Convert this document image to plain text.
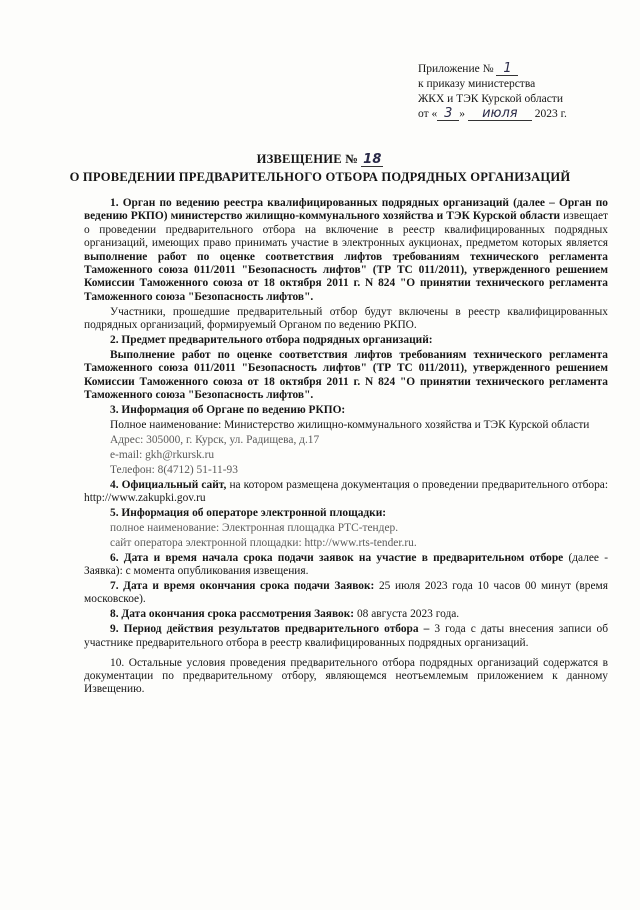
Приложение № 1
к приказу министерства
ЖКХ и ТЭК Курской области
от « 3 » июля 2023 г.
ИЗВЕЩЕНИЕ № 18
О ПРОВЕДЕНИИ ПРЕДВАРИТЕЛЬНОГО ОТБОРА ПОДРЯДНЫХ ОРГАНИЗАЦИЙ

1. Орган по ведению реестра квалифицированных подрядных организаций (далее – Орган по ведению РКПО) министерство жилищно-коммунального хозяйства и ТЭК Курской области извещает о проведении предварительного отбора на включение в реестр квалифицированных подрядных организаций, имеющих право принимать участие в электронных аукционах, предметом которых является выполнение работ по оценке соответствия лифтов требованиям технического регламента Таможенного союза 011/2011 "Безопасность лифтов" (ТР ТС 011/2011), утвержденного решением Комиссии Таможенного союза от 18 октября 2011 г. N 824 "О принятии технического регламента Таможенного союза "Безопасность лифтов".

Участники, прошедшие предварительный отбор будут включены в реестр квалифицированных подрядных организаций, формируемый Органом по ведению РКПО.

2. Предмет предварительного отбора подрядных организаций:

Выполнение работ по оценке соответствия лифтов требованиям технического регламента Таможенного союза 011/2011 "Безопасность лифтов" (ТР ТС 011/2011), утвержденного решением Комиссии Таможенного союза от 18 октября 2011 г. N 824 "О принятии технического регламента Таможенного союза "Безопасность лифтов".

3. Информация об Органе по ведению РКПО:

Полное наименование: Министерство жилищно-коммунального хозяйства и ТЭК Курской области

Адрес: 305000, г. Курск, ул. Радищева, д.17

e-mail: gkh@rkursk.ru

Телефон: 8(4712) 51-11-93

4. Официальный сайт, на котором размещена документация о проведении предварительного отбора: http://www.zakupki.gov.ru

5. Информация об операторе электронной площадки:

полное наименование: Электронная площадка РТС-тендер.

сайт оператора электронной площадки: http://www.rts-tender.ru.

6. Дата и время начала срока подачи заявок на участие в предварительном отборе (далее - Заявка): с момента опубликования извещения.

7. Дата и время окончания срока подачи Заявок: 25 июля 2023 года 10 часов 00 минут (время московское).

8. Дата окончания срока рассмотрения Заявок: 08 августа 2023 года.

9. Период действия результатов предварительного отбора – 3 года с даты внесения записи об участнике предварительного отбора в реестр квалифицированных подрядных организаций.

10. Остальные условия проведения предварительного отбора подрядных организаций содержатся в документации по предварительному отбору, являющемся неотъемлемым приложением к данному Извещению.
